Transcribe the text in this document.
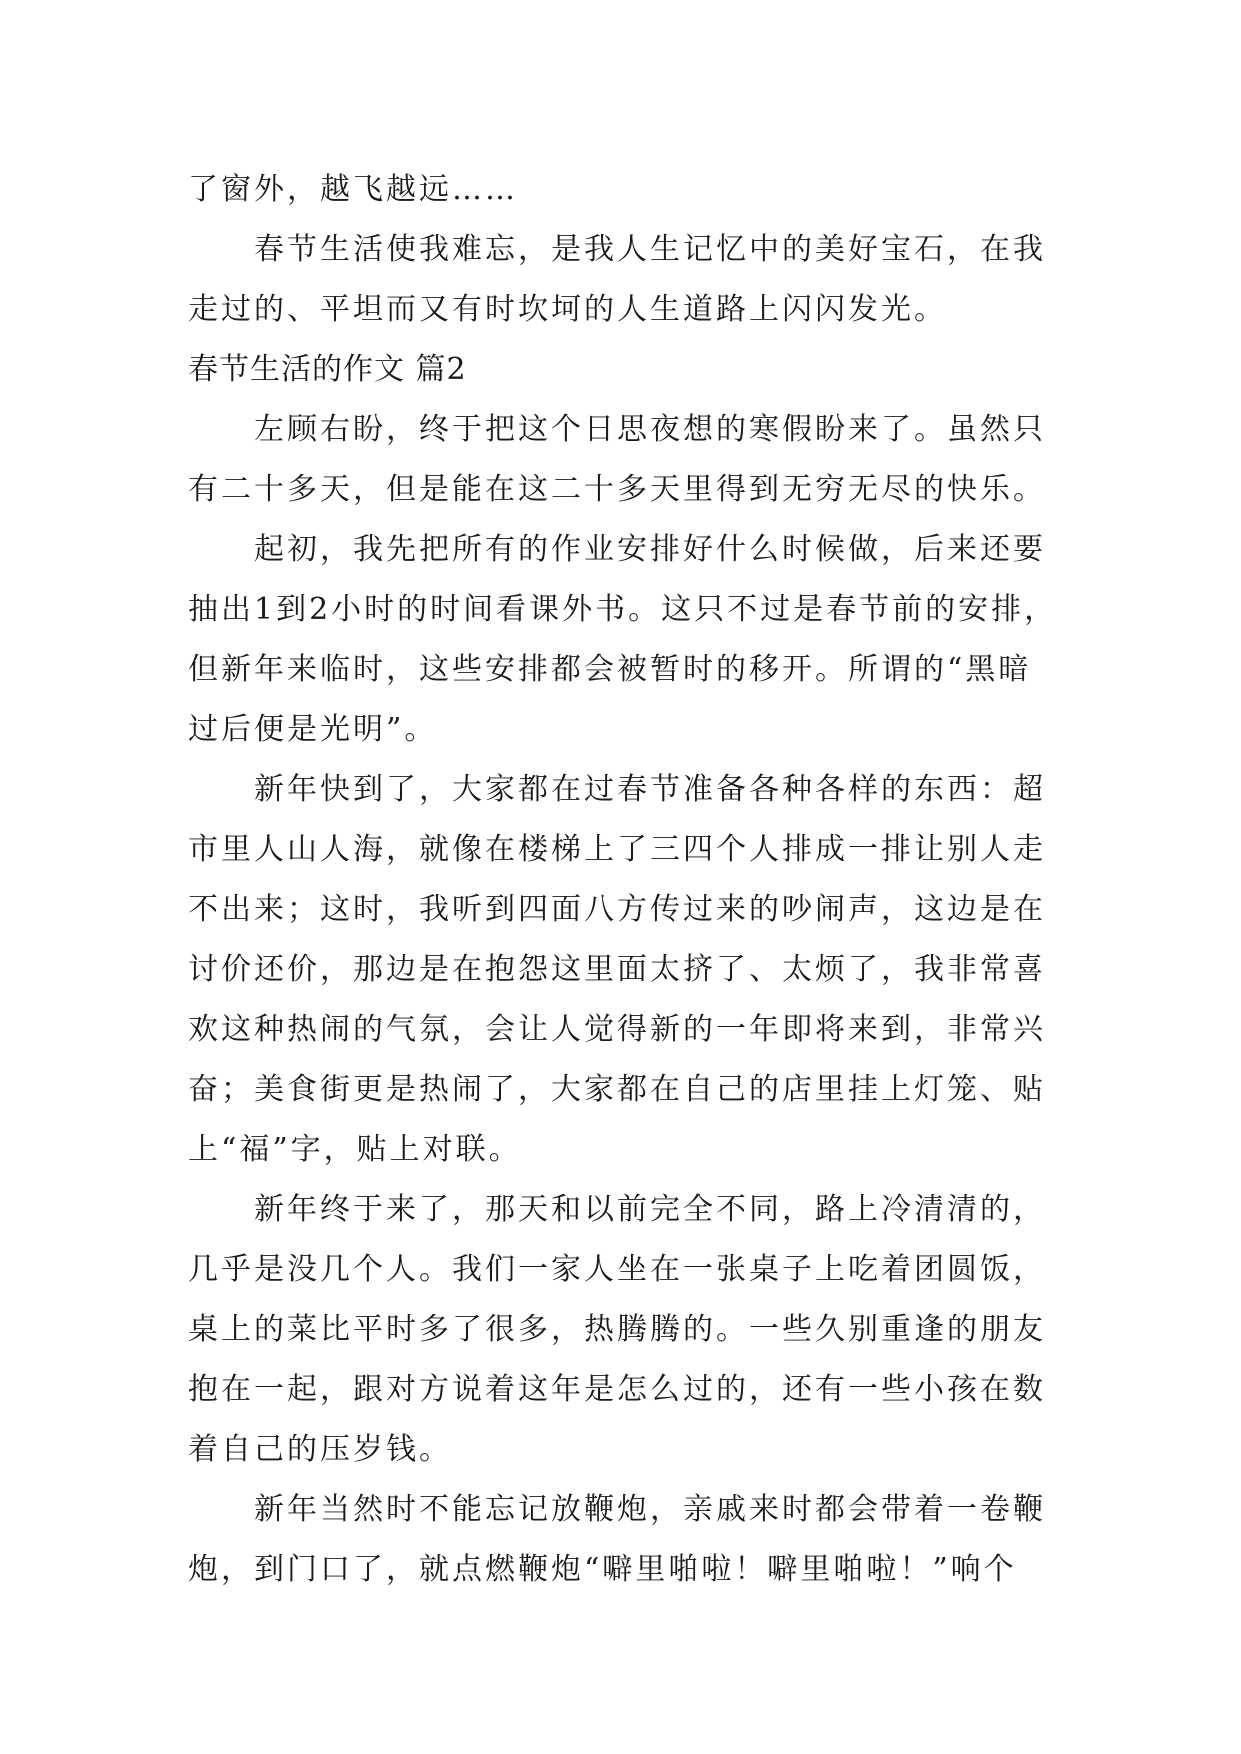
了窗外，越飞越远……
春节生活使我难忘，是我人生记忆中的美好宝石，在我
走过的、平坦而又有时坎坷的人生道路上闪闪发光。
春节生活的作文 篇2
左顾右盼，终于把这个日思夜想的寒假盼来了。虽然只
有二十多天，但是能在这二十多天里得到无穷无尽的快乐。
起初，我先把所有的作业安排好什么时候做，后来还要
抽出1到2小时的时间看课外书。这只不过是春节前的安排，
但新年来临时，这些安排都会被暂时的移开。所谓的“黑暗
过后便是光明”。
新年快到了，大家都在过春节准备各种各样的东西：超
市里人山人海，就像在楼梯上了三四个人排成一排让别人走
不出来；这时，我听到四面八方传过来的吵闹声，这边是在
讨价还价，那边是在抱怨这里面太挤了、太烦了，我非常喜
欢这种热闹的气氛，会让人觉得新的一年即将来到，非常兴
奋；美食街更是热闹了，大家都在自己的店里挂上灯笼、贴
上“福”字，贴上对联。
新年终于来了，那天和以前完全不同，路上冷清清的，
几乎是没几个人。我们一家人坐在一张桌子上吃着团圆饭，
桌上的菜比平时多了很多，热腾腾的。一些久别重逢的朋友
抱在一起，跟对方说着这年是怎么过的，还有一些小孩在数
着自己的压岁钱。
新年当然时不能忘记放鞭炮，亲戚来时都会带着一卷鞭
炮，到门口了，就点燃鞭炮“噼里啪啦！噼里啪啦！”响个
